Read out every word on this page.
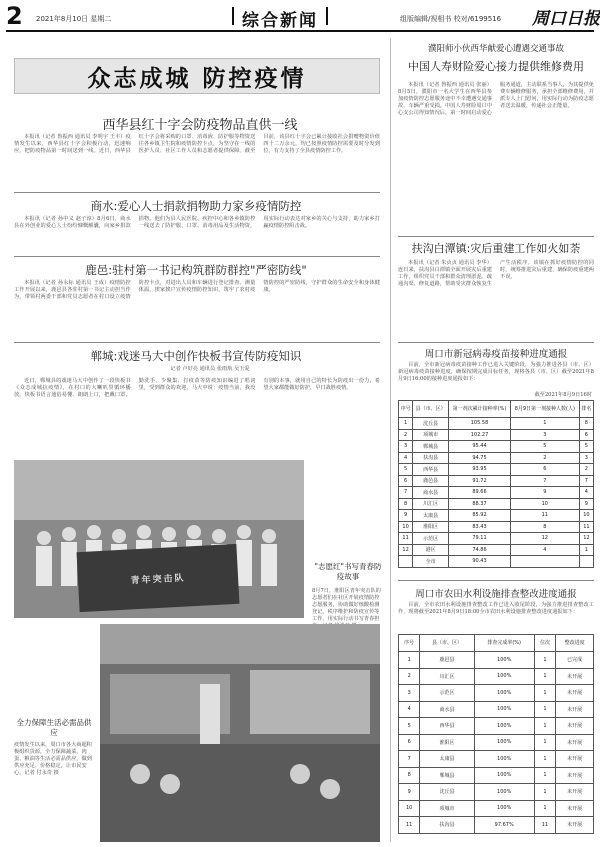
2 2021年8月10日 星期二	综合新闻	组版编辑/视相书 校对/6199516 周口日报
众志成城 防控疫情
西华县红十字会防疫物品直供一线
本报讯（记者 鲁振西 通讯员 李明宇 王丰）疫情发生以来，西华县红十字会积极行动，迅速响应，把防疫物品第一时间送到一线。近日，西华县红十字会将采购的口罩、消毒液、防护服等物资送往各乡镇卫生院和疫情防控卡点，为坚守在一线的医护人员、社区工作人员和志愿者提供保障。截至目前，该县红十字会已累计接收社会捐赠物资价值四十二万余元，均已按照疫情防控需要及时分发到位，有力支持了全县疫情防控工作。
商水:爱心人士捐款捐物助力家乡疫情防控
本报讯（记者 孙中义 赵子淳）8月6日，商水县在外创业的爱心人士纷纷慷慨解囊，向家乡捐款捐物。他们为县人民医院、疾控中心和各乡镇防控一线送去了防护服、口罩、消毒用品及生活物资，用实际行动表达对家乡的关心与支持，助力家乡打赢疫情防控阻击战。
鹿邑:驻村第一书记构筑群防群控"严密防线"
本报讯（记者 孙永标 通讯员 王成）疫情防控工作开展以来，鹿邑县各驻村第一书记主动担当作为，带领村两委干部和党员志愿者在村口设立疫情防控卡点，对进出人员和车辆进行登记排查、测量体温，挨家挨户宣传疫情防控知识，筑牢了农村疫情防控的严密防线，守护群众的生命安全和身体健康。
郸城:戏迷马大中创作快板书宣传防疫知识
记者 卢好亮 通讯员 张雨航 吴玉爱
近日，郸城县的戏迷马大中创作了一段快板书《众志成城抗疫情》，在村口的大喇叭里循环播放。快板书语言通俗易懂、朗朗上口，把戴口罩、勤洗手、少聚集、打疫苗等防疫知识编进了唱词里，受到群众的欢迎。马大中说：疫情当前，我没有别的本事，就用自己的特长为防疫出一份力，希望大家都能做好防护，早日战胜疫情。
青年突击队
"志愿红"书写青春防疫故事
8月7日，淮阳区青年突击队的志愿者们在社区开展疫情防控志愿服务，协助做好核酸检测登记、秩序维护和防疫宣传等工作，用实际行动书写青春担
全力保障生活必需品供应
疫情发生以来，周口市各大商超积极组织货源，全力保障蔬菜、肉蛋、粮油等生活必需品供应，做到供应充足、价格稳定，让市民安心。记者 付永奇 摄
濮阳师小伙西华献爱心遭遇交通事故
中国人寿财险爱心接力提供维修费用
本报讯（记者 鲁振西 通讯员 张丽）8月5日，濮阳市一名大学生在西华县参加疫情防控志愿服务途中不幸遭遇交通事故，车辆严重受损。中国人寿财险周口中心支公司得知情况后，第一时间启动爱心服务通道，主动联系当事人，为其提供免费车辆维修服务，承担全部维修费用，并派专人上门慰问，用实际行动为防疫志愿者送去温暖，传递社会正能量。
扶沟白潭镇:灾后重建工作如火如荼
本报讯（记者 朱贞贞 通讯员 李华）连日来，扶沟县白潭镇全面开展灾后重建工作，组织党员干部和群众清理淤泥、疏通沟渠、修复道路，帮助受灾群众恢复生产生活秩序。该镇在抓好疫情防控的同时，统筹推进灾后重建，确保防疫重建两不误。
周口市新冠病毒疫苗接种进度通报
目前，全市新冠病毒疫苗接种工作已进入关键阶段，为强力推进各县（市、区）新冠病毒疫苗接种进度，确保按期完成目标任务，现将各县（市、区）截至2021年8月9日16:00的接种进度通报如下：
截至2021年8月9日16时
序号	县（市、区）	第一剂次累计接种率(%)	8月9日第一剂接种人数(人)	排名
1	沈丘县	105.58	1	8
2	项城市	102.27	3	6
3	郸城县	95.44	5	5
4	扶沟县	94.75	2	3
5	西华县	93.95	6	2
6	鹿邑县	91.72	7	7
7	商水县	89.66	9	4
8	川汇区	88.37	10	9
9	太康县	85.92	11	10
10	淮阳区	83.43	8	11
11	示范区	79.11	12	12
12	港区	74.86	4	1
	全市	90.43		
周口市农田水利设施排查整改进度通报
目前，全市农田水利设施排查整改工作已进入收尾阶段，为强力推进排查整改工作，现将截至2021年8月9日18:00全市农田水利设施排查整改进度通报如下：
序号	县（市、区）	排查完成率(%)	位次	整改进度
1	鹿邑县	100%	1	已完成
2	川汇区	100%	1	未开展
3	示范区	100%	1	未开展
4	商水县	100%	1	未开展
5	西华县	100%	1	未开展
6	淮阳区	100%	1	未开展
7	太康县	100%	1	未开展
8	郸城县	100%	1	未开展
9	沈丘县	100%	1	未开展
10	项城市	100%	1	未开展
11	扶沟县	97.67%	11	未开展
